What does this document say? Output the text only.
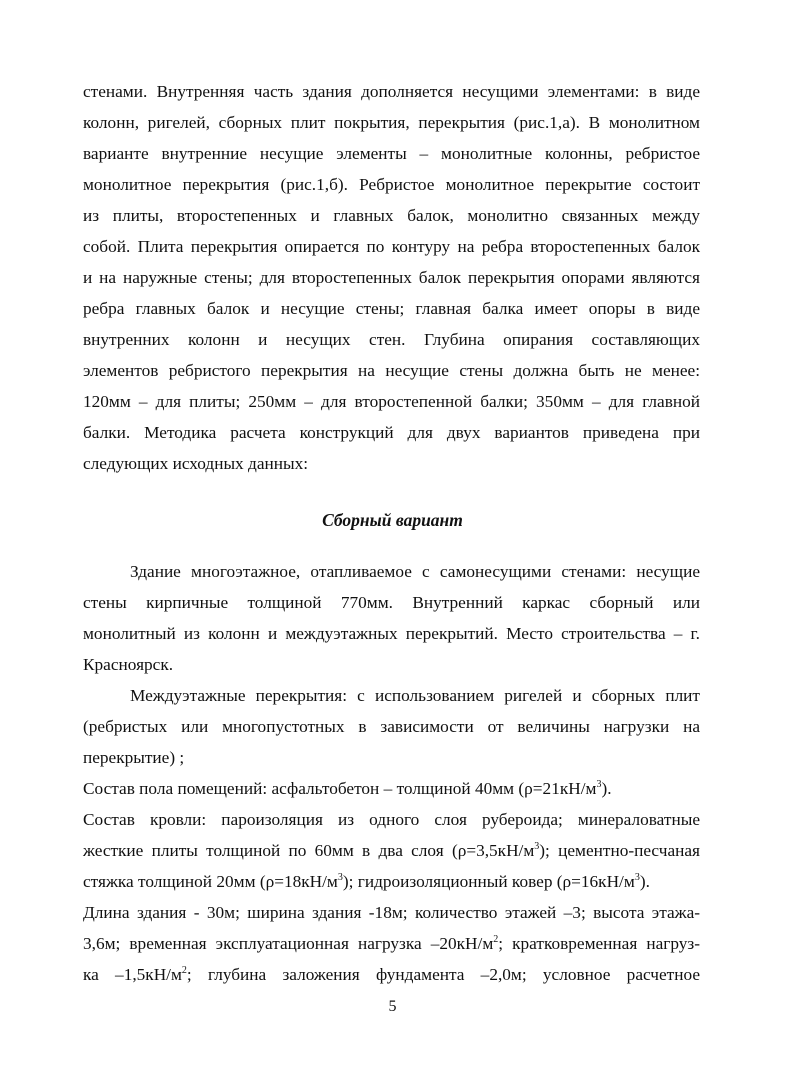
стенами. Внутренняя часть здания дополняется несущими элементами: в виде
колонн, ригелей, сборных плит покрытия, перекрытия (рис.1,а). В монолитном
варианте внутренние несущие элементы – монолитные колонны, ребристое
монолитное перекрытия (рис.1,б). Ребристое монолитное перекрытие состоит
из плиты, второстепенных и главных балок, монолитно связанных между
собой. Плита перекрытия опирается по контуру на ребра второстепенных балок
и на наружные стены; для второстепенных балок перекрытия опорами являются
ребра главных балок и несущие стены; главная балка имеет опоры в виде
внутренних колонн и несущих стен. Глубина опирания составляющих
элементов ребристого перекрытия на несущие стены должна быть не менее:
120мм – для плиты; 250мм – для второстепенной балки; 350мм – для главной
балки. Методика расчета конструкций для двух вариантов приведена при
следующих исходных данных:
Сборный вариант
Здание многоэтажное, отапливаемое с самонесущими стенами: несущие
стены кирпичные толщиной 770мм. Внутренний каркас сборный или
монолитный из колонн и междуэтажных перекрытий. Место строительства – г.
Красноярск.
Междуэтажные перекрытия: с использованием ригелей и сборных плит
(ребристых или многопустотных в зависимости от величины нагрузки на
перекрытие) ;
Состав пола помещений: асфальтобетон – толщиной 40мм $(\rho=21кН/м^3)$.
Состав кровли: пароизоляция из одного слоя рубероида; минераловатные
жесткие плиты толщиной по 60мм в два слоя $(\rho=3,5кН/м^3)$; цементно-песчаная
стяжка толщиной 20мм $(\rho=18кН/м^3)$; гидроизоляционный ковер $(\rho=16кН/м^3)$.
Длина здания - 30м; ширина здания -18м; количество этажей –3; высота этажа-
3,6м; временная эксплуатационная нагрузка $-20кН/м^2$; кратковременная нагруз-
ка $-1,5кН/м^2$; глубина заложения фундамента –2,0м; условное расчетное
5
